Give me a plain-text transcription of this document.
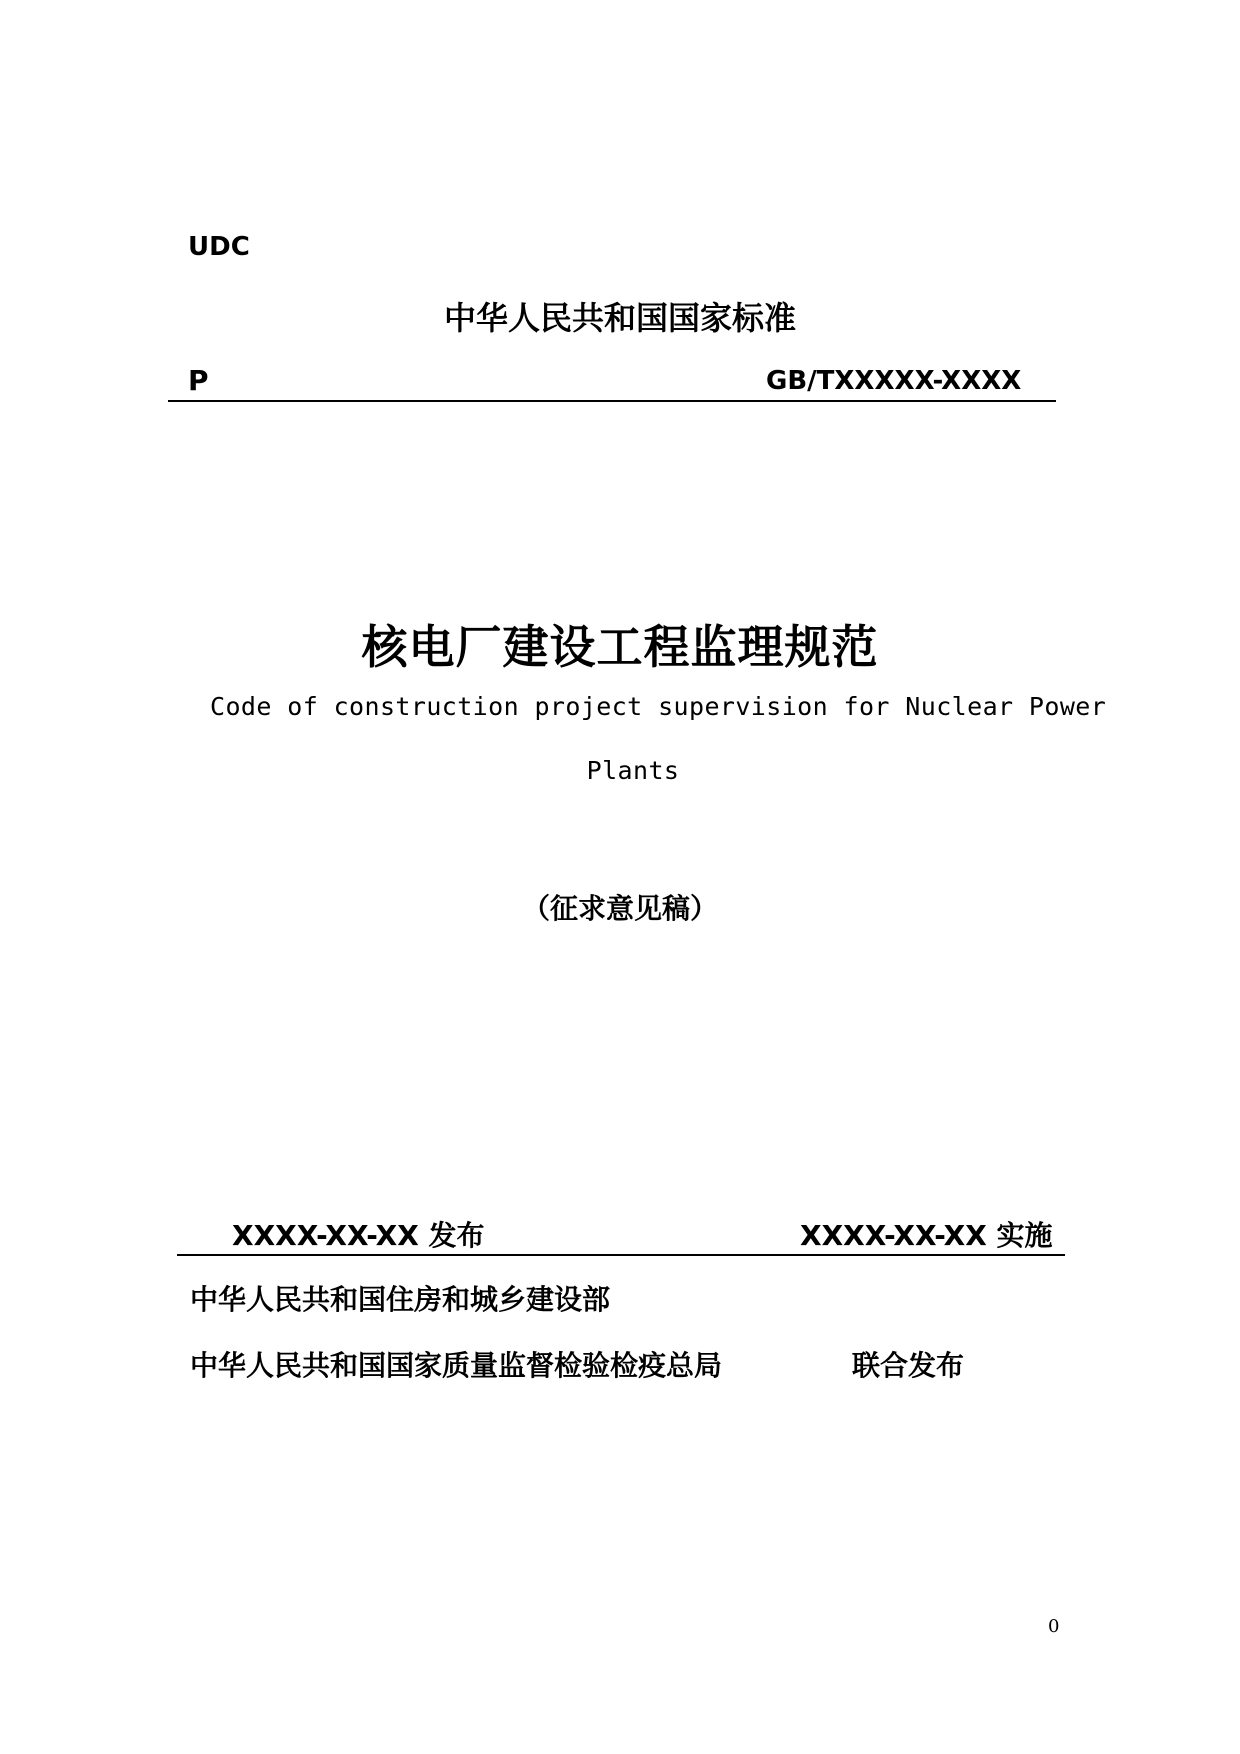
UDC
中华人民共和国国家标准
P	GB/TXXXXX-XXXX
核电厂建设工程监理规范
Code of construction project supervision for Nuclear Power
Plants
（征求意见稿）
XXXX-XX-XX 发布	XXXX-XX-XX 实施
中华人民共和国住房和城乡建设部
中华人民共和国国家质量监督检验检疫总局	联合发布
0
